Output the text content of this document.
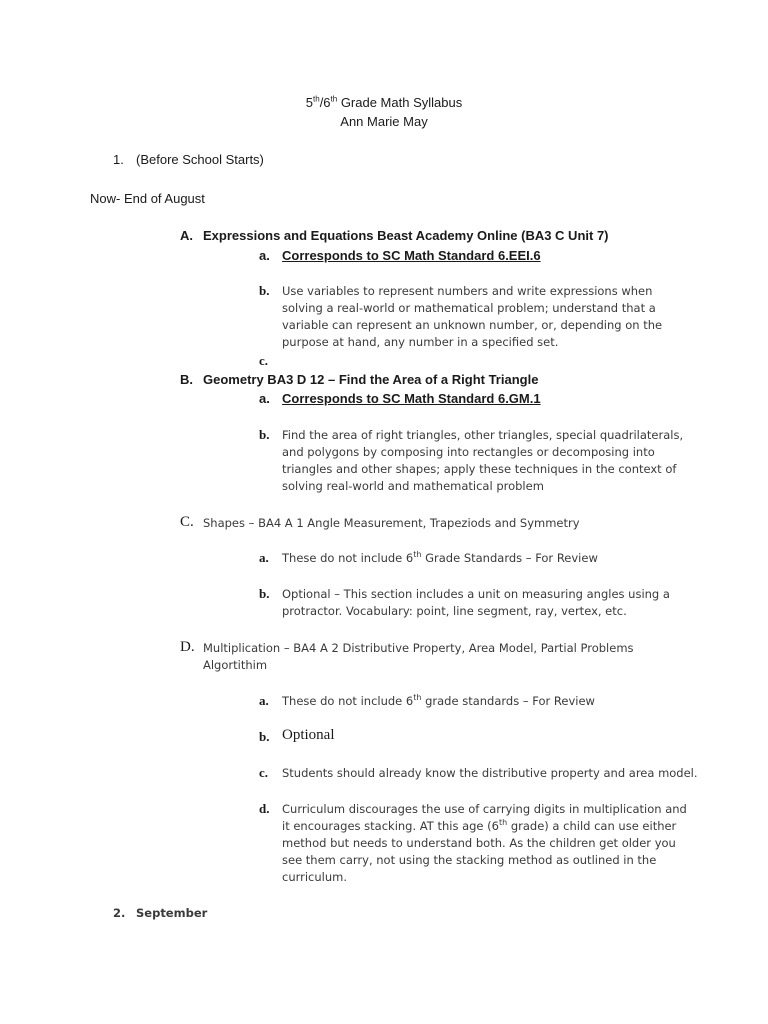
5th/6th Grade Math Syllabus
Ann Marie May
1. (Before School Starts)
Now- End of August
A. Expressions and Equations Beast Academy Online (BA3 C Unit 7)
a. Corresponds to SC Math Standard 6.EEI.6
b. Use variables to represent numbers and write expressions when
solving a real-world or mathematical problem; understand that a
variable can represent an unknown number, or, depending on the
purpose at hand, any number in a specified set.
c.
B. Geometry BA3 D 12 – Find the Area of a Right Triangle
a. Corresponds to SC Math Standard 6.GM.1
b. Find the area of right triangles, other triangles, special quadrilaterals,
and polygons by composing into rectangles or decomposing into
triangles and other shapes; apply these techniques in the context of
solving real-world and mathematical problem
C. Shapes – BA4 A 1 Angle Measurement, Trapeziods and Symmetry
a. These do not include 6th Grade Standards – For Review
b. Optional – This section includes a unit on measuring angles using a
protractor. Vocabulary: point, line segment, ray, vertex, etc.
D. Multiplication – BA4 A 2 Distributive Property, Area Model, Partial Problems
Algortithim
a. These do not include 6th grade standards – For Review
b. Optional
c. Students should already know the distributive property and area model.
d. Curriculum discourages the use of carrying digits in multiplication and
it encourages stacking. AT this age (6th grade) a child can use either
method but needs to understand both. As the children get older you
see them carry, not using the stacking method as outlined in the
curriculum.
2. September
